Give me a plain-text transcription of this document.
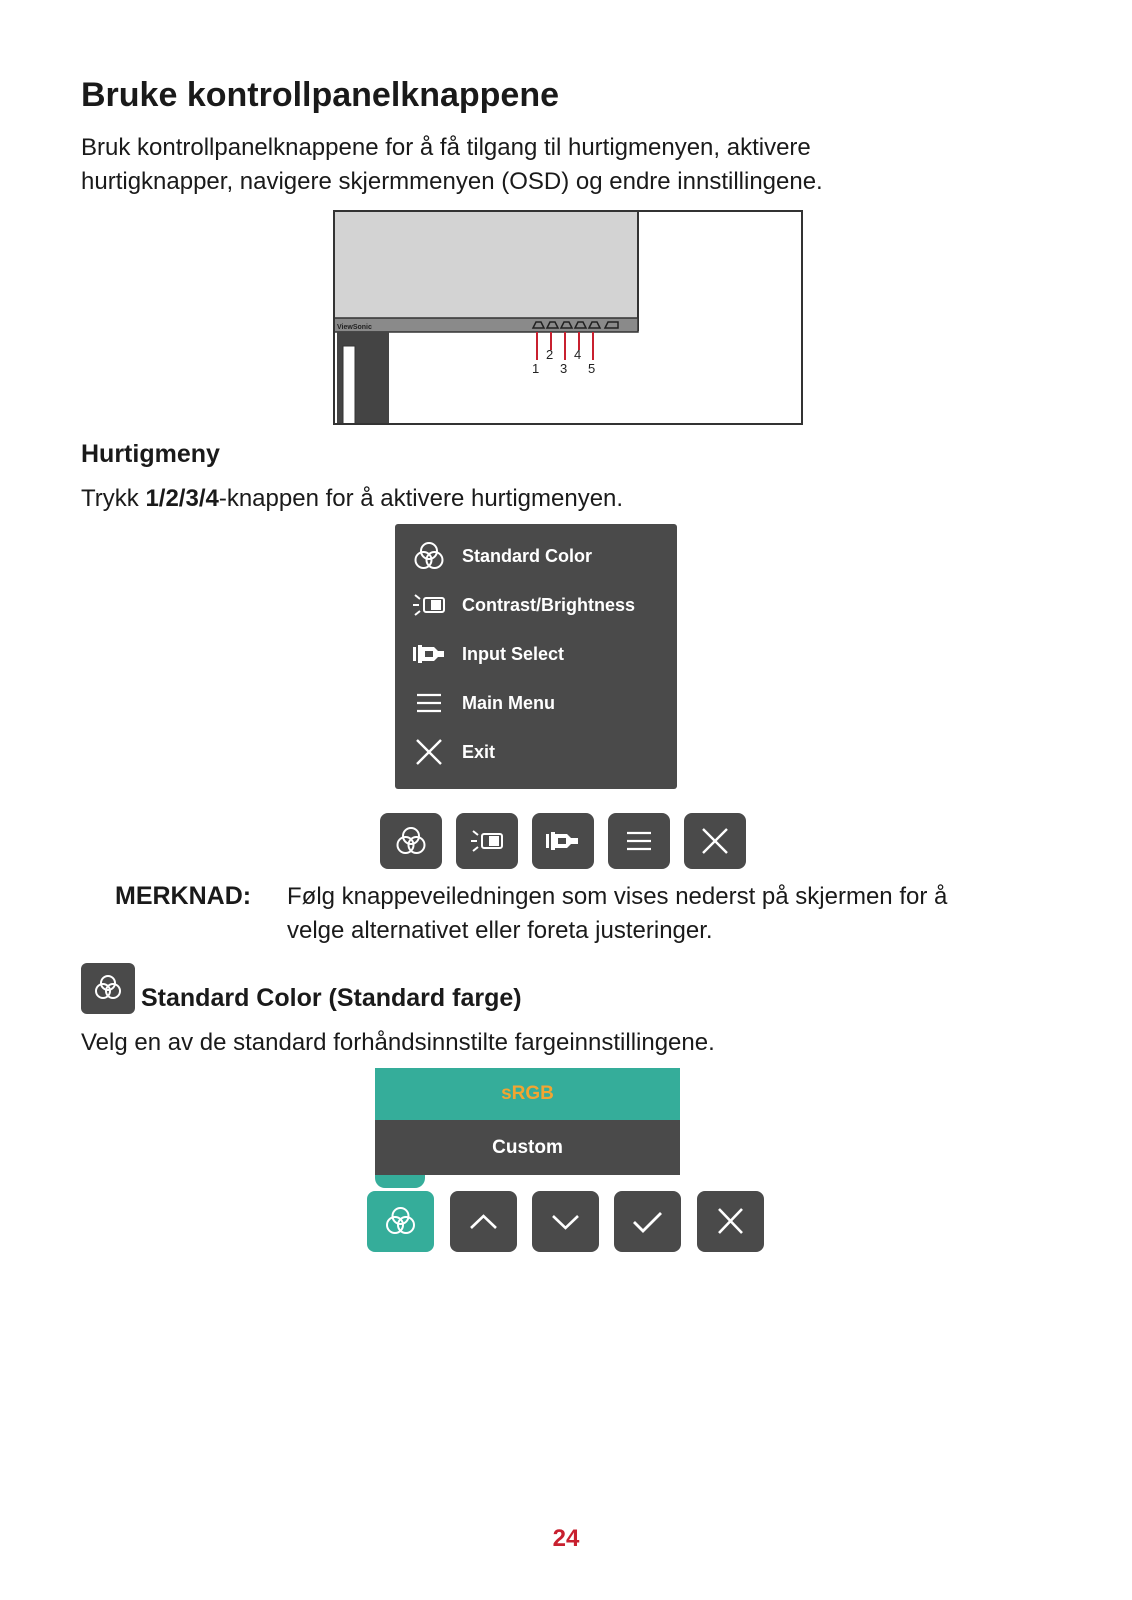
Bruke kontrollpanelknappene

Bruk kontrollpanelknappene for å få tilgang til hurtigmenyen, aktivere

hurtigknapper, navigere skjermmenyen (OSD) og endre innstillingene.

1
2
3
4
5
ViewSonic
Hurtigmeny

Trykk 1/2/3/4-knappen for å aktivere hurtigmenyen.

Standard Color
Contrast/Brightness
Input Select
Main Menu
Exit
MERKNAD: Følg knappeveiledningen som vises nederst på skjermen for å
velge alternativet eller foreta justeringer.

Standard Color (Standard farge)

Velg en av de standard forhåndsinnstilte fargeinnstillingene.

sRGB
Custom
24
